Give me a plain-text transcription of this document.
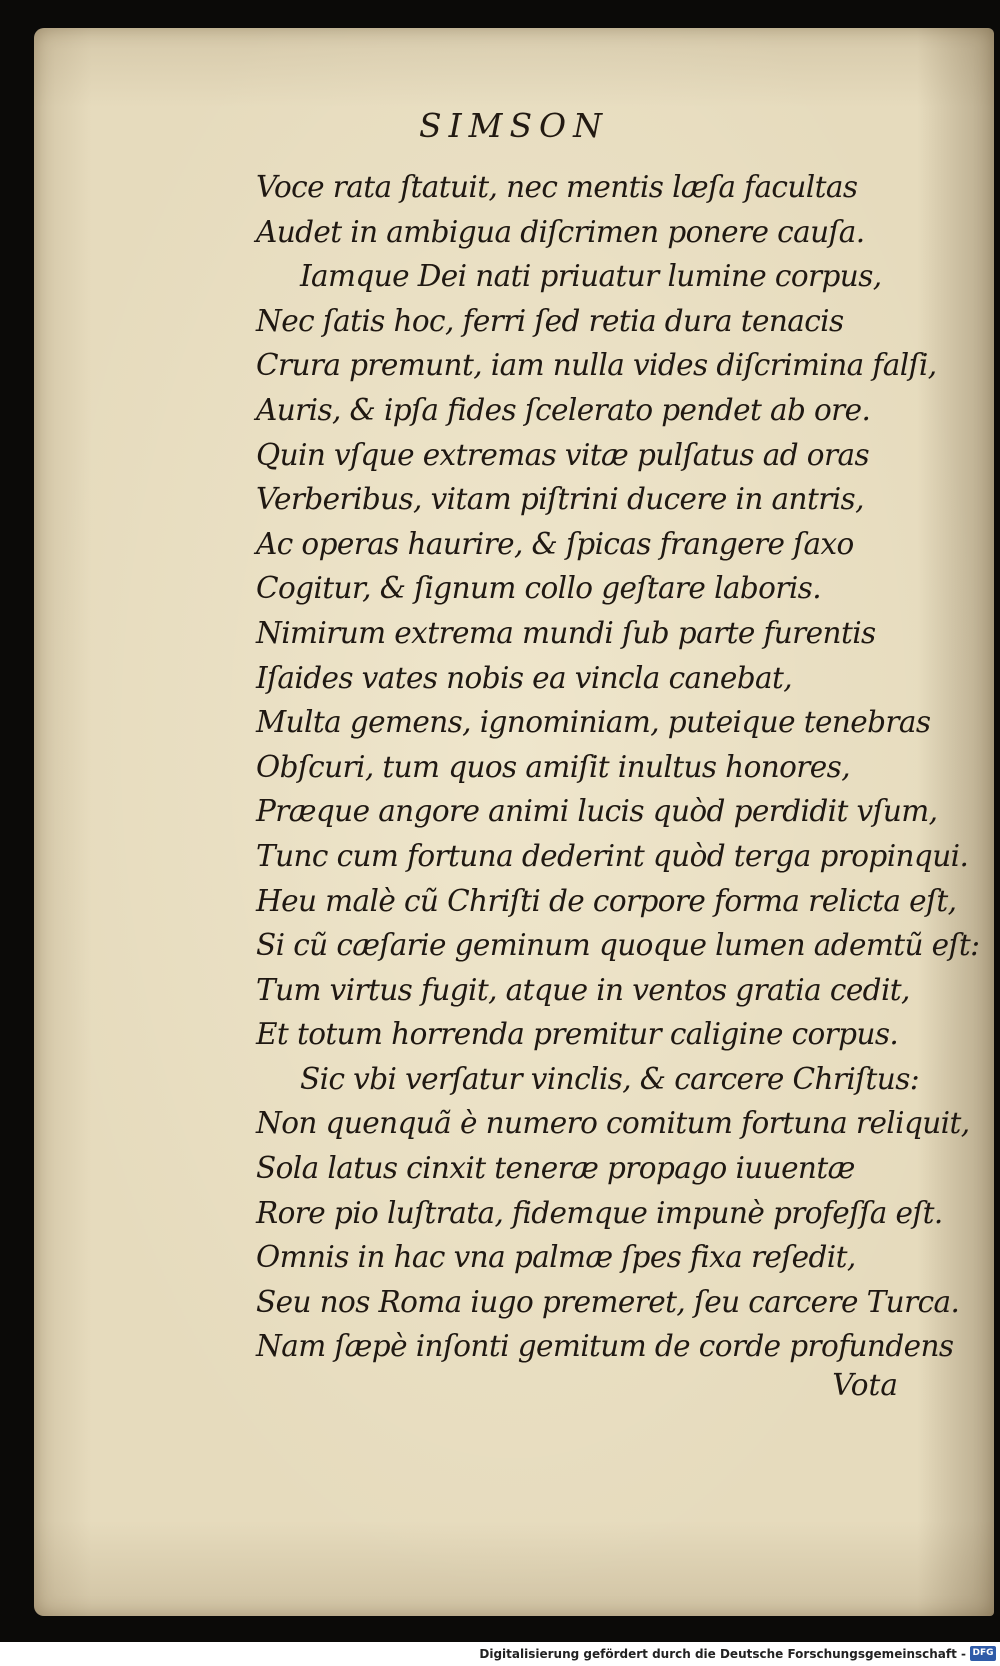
SIMSON
Voce rata ſtatuit, nec mentis læſa facultas
Audet in ambigua diſcrimen ponere cauſa.
Iamque Dei nati priuatur lumine corpus,
Nec ſatis hoc, ferri ſed retia dura tenacis
Crura premunt, iam nulla vides diſcrimina falſi,
Auris, & ipſa fides ſcelerato pendet ab ore.
Quin vſque extremas vitæ pulſatus ad oras
Verberibus, vitam piſtrini ducere in antris,
Ac operas haurire, & ſpicas frangere ſaxo
Cogitur, & ſignum collo geſtare laboris.
Nimirum extrema mundi ſub parte furentis
Iſaides vates nobis ea vincla canebat,
Multa gemens, ignominiam, puteique tenebras
Obſcuri, tum quos amiſit inultus honores,
Præque angore animi lucis quòd perdidit vſum,
Tunc cum fortuna dederint quòd terga propinqui.
Heu malè cũ Chriſti de corpore forma relicta eſt,
Si cũ cæſarie geminum quoque lumen ademtũ eſt:
Tum virtus fugit, atque in ventos gratia cedit,
Et totum horrenda premitur caligine corpus.
Sic vbi verſatur vinclis, & carcere Chriſtus:
Non quenquã è numero comitum fortuna reliquit,
Sola latus cinxit teneræ propago iuuentæ
Rore pio luſtrata, fidemque impunè profeſſa eſt.
Omnis in hac vna palmæ ſpes fixa reſedit,
Seu nos Roma iugo premeret, ſeu carcere Turca.
Nam ſæpè inſonti gemitum de corde profundens
Vota
Digitalisierung gefördert durch die Deutsche Forschungsgemeinschaft - DFG
